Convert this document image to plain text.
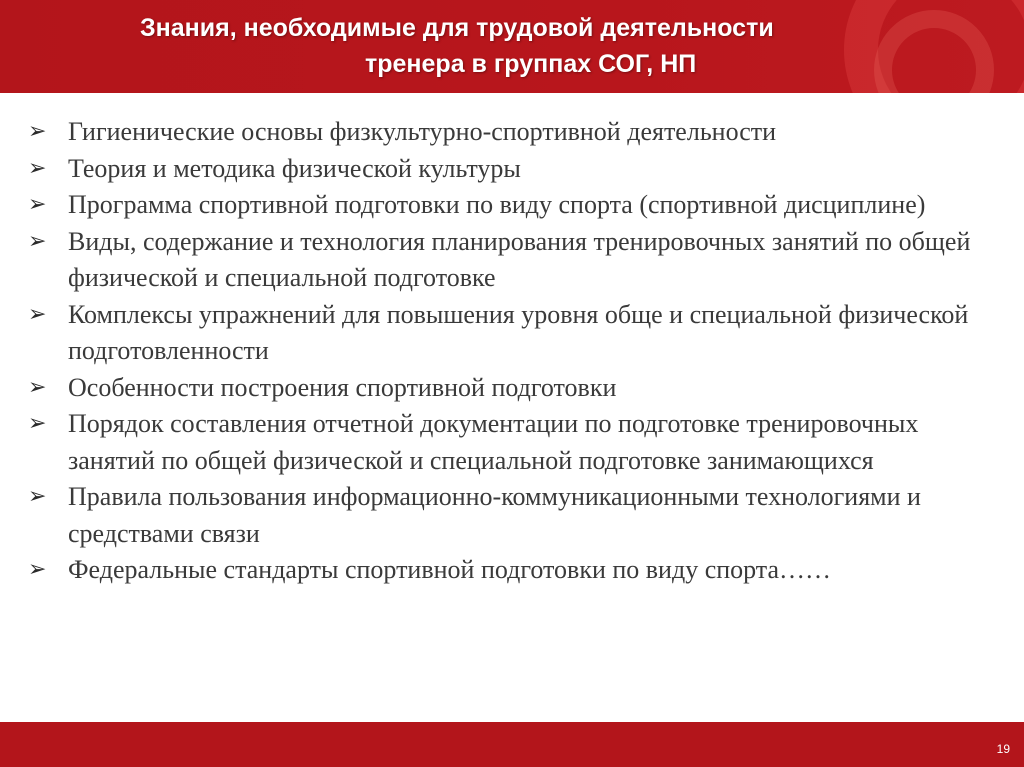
Знания, необходимые для трудовой деятельности
тренера в группах СОГ, НП
➢ Гигиенические основы физкультурно-спортивной деятельности
➢ Теория и методика физической культуры
➢ Программа спортивной подготовки по виду спорта (спортивной дисциплине)
➢ Виды, содержание и технология планирования тренировочных занятий по общей физической и специальной подготовке
➢ Комплексы упражнений для повышения уровня обще и специальной физической подготовленности
➢ Особенности построения спортивной подготовки
➢ Порядок составления отчетной документации по подготовке тренировочных занятий по общей физической и специальной подготовке занимающихся
➢ Правила пользования информационно-коммуникационными технологиями и средствами связи
➢ Федеральные стандарты спортивной подготовки по виду спорта……
19
